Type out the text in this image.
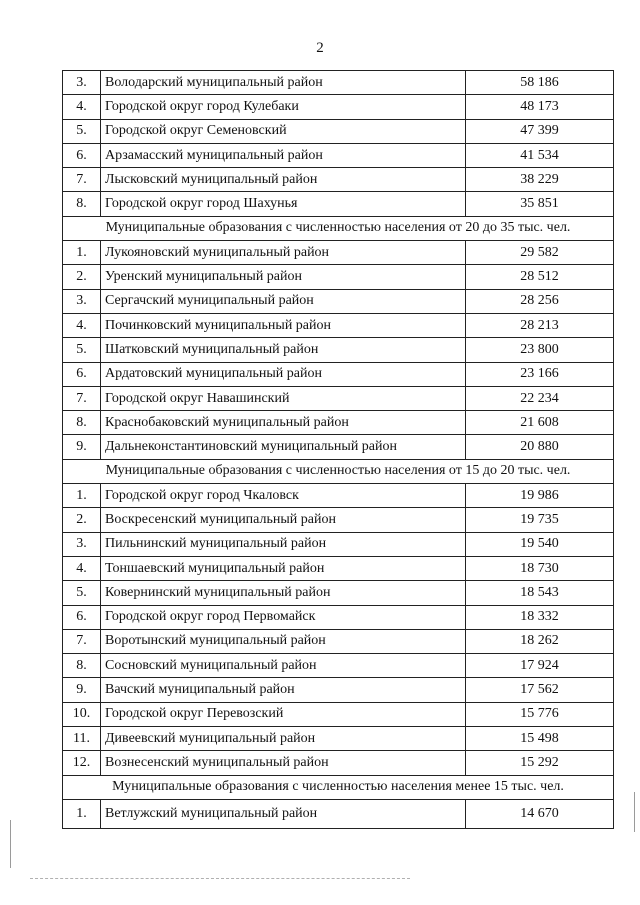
2
3.	Володарский муниципальный район	58 186
4.	Городской округ город Кулебаки	48 173
5.	Городской округ Семеновский	47 399
6.	Арзамасский муниципальный район	41 534
7.	Лысковский муниципальный район	38 229
8.	Городской округ город Шахунья	35 851
Муниципальные образования с численностью населения от 20 до 35 тыс. чел.		
1.	Лукояновский муниципальный район	29 582
2.	Уренский муниципальный район	28 512
3.	Сергачский муниципальный район	28 256
4.	Починковский муниципальный район	28 213
5.	Шатковский муниципальный район	23 800
6.	Ардатовский муниципальный район	23 166
7.	Городской округ Навашинский	22 234
8.	Краснобаковский муниципальный район	21 608
9.	Дальнеконстантиновский муниципальный район	20 880
Муниципальные образования с численностью населения от 15 до 20 тыс. чел.		
1.	Городской округ город Чкаловск	19 986
2.	Воскресенский муниципальный район	19 735
3.	Пильнинский муниципальный район	19 540
4.	Тоншаевский муниципальный район	18 730
5.	Ковернинский муниципальный район	18 543
6.	Городской округ город Первомайск	18 332
7.	Воротынский муниципальный район	18 262
8.	Сосновский муниципальный район	17 924
9.	Вачский муниципальный район	17 562
10.	Городской округ Перевозский	15 776
11.	Дивеевский муниципальный район	15 498
12.	Вознесенский муниципальный район	15 292
Муниципальные образования с численностью населения менее 15 тыс. чел.		
1.	Ветлужский муниципальный район	14 670
